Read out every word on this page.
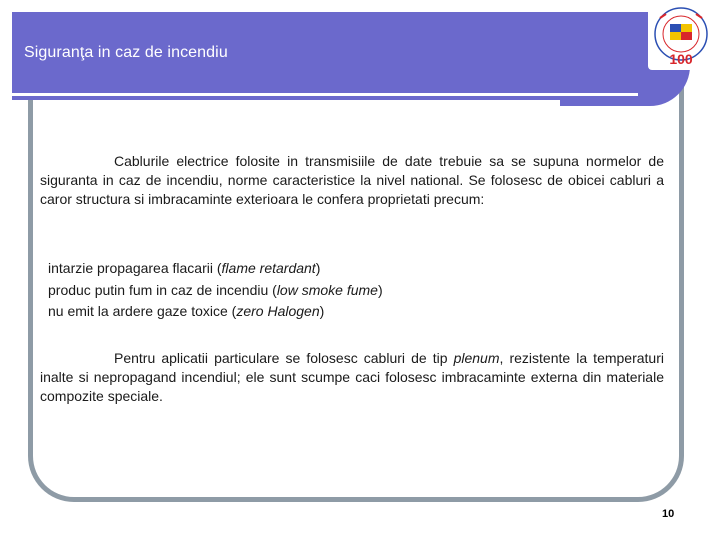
Siguranţa in caz de incendiu	100

Cablurile electrice folosite in transmisiile de date trebuie sa se supuna normelor de siguranta in caz de incendiu, norme caracteristice la nivel national. Se folosesc de obicei cabluri a caror structura si imbracaminte exterioara le confera proprietati precum:

intarzie propagarea flacarii (flame retardant)
produc putin fum in caz de incendiu (low smoke fume)
nu emit la ardere gaze toxice (zero Halogen)

Pentru aplicatii particulare se folosesc cabluri de tip plenum, rezistente la temperaturi inalte si nepropagand incendiul; ele sunt scumpe caci folosesc imbracaminte externa din materiale compozite speciale.

10
